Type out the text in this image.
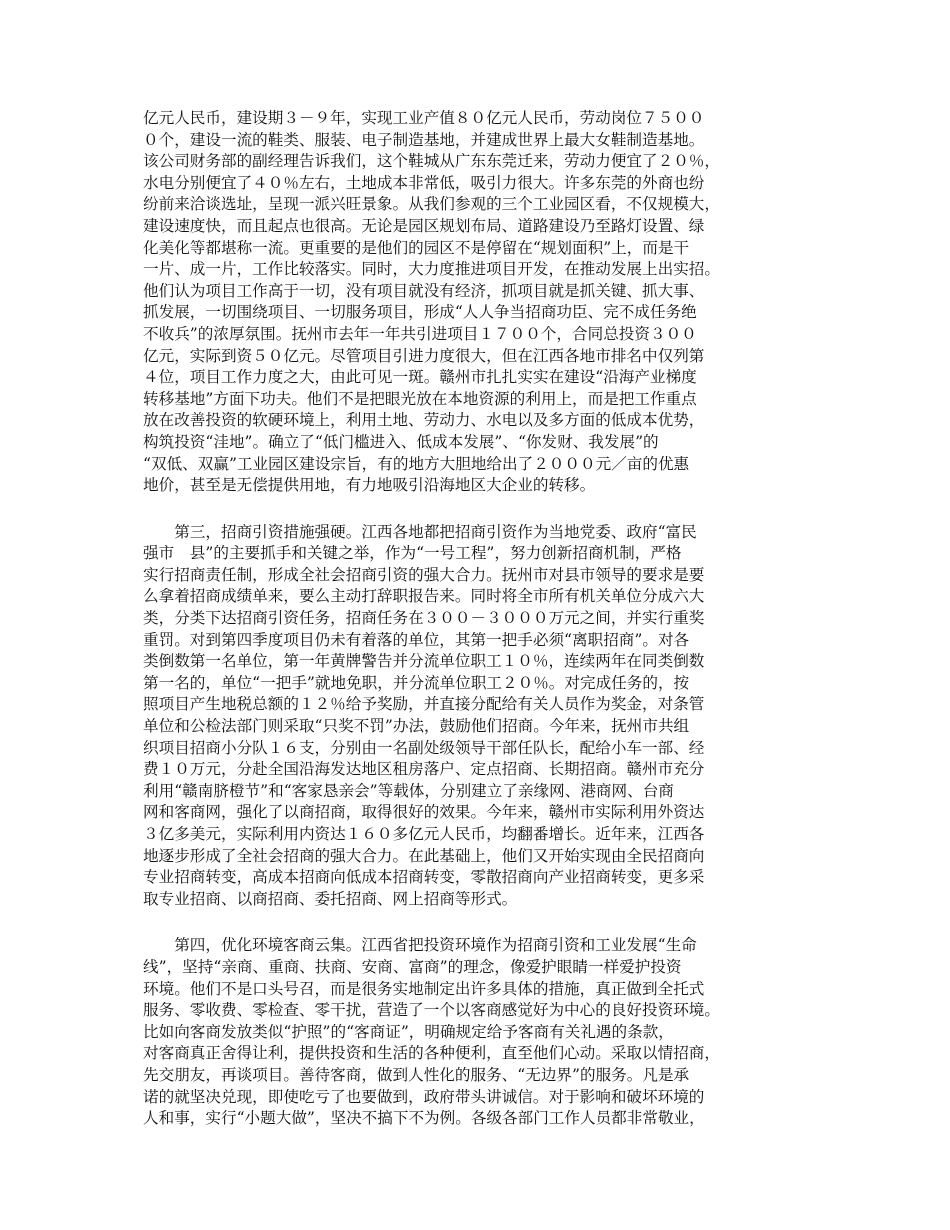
亿元人民币，建设期３－９年，实现工业产值８０亿元人民币，劳动岗位７５００
０个，建设一流的鞋类、服装、电子制造基地，并建成世界上最大女鞋制造基地。
该公司财务部的副经理告诉我们，这个鞋城从广东东莞迁来，劳动力便宜了２０％，
水电分别便宜了４０％左右，土地成本非常低，吸引力很大。许多东莞的外商也纷
纷前来洽谈选址，呈现一派兴旺景象。从我们参观的三个工业园区看，不仅规模大，
建设速度快，而且起点也很高。无论是园区规划布局、道路建设乃至路灯设置、绿
化美化等都堪称一流。更重要的是他们的园区不是停留在“规划面积”上，而是干
一片、成一片，工作比较落实。同时，大力度推进项目开发，在推动发展上出实招。
他们认为项目工作高于一切，没有项目就没有经济，抓项目就是抓关键、抓大事、
抓发展，一切围绕项目、一切服务项目，形成“人人争当招商功臣、完不成任务绝
不收兵”的浓厚氛围。抚州市去年一年共引进项目１７００个，合同总投资３００
亿元，实际到资５０亿元。尽管项目引进力度很大，但在江西各地市排名中仅列第
４位，项目工作力度之大，由此可见一斑。赣州市扎扎实实在建设“沿海产业梯度
转移基地”方面下功夫。他们不是把眼光放在本地资源的利用上，而是把工作重点
放在改善投资的软硬环境上，利用土地、劳动力、水电以及多方面的低成本优势，
构筑投资“洼地”。确立了“低门槛进入、低成本发展”、“你发财、我发展”的
“双低、双赢”工业园区建设宗旨，有的地方大胆地给出了２０００元／亩的优惠
地价，甚至是无偿提供用地，有力地吸引沿海地区大企业的转移。
　　第三，招商引资措施强硬。江西各地都把招商引资作为当地党委、政府“富民
强市　县”的主要抓手和关键之举，作为“一号工程”，努力创新招商机制，严格
实行招商责任制，形成全社会招商引资的强大合力。抚州市对县市领导的要求是要
么拿着招商成绩单来，要么主动打辞职报告来。同时将全市所有机关单位分成六大
类，分类下达招商引资任务，招商任务在３００－３０００万元之间，并实行重奖
重罚。对到第四季度项目仍未有着落的单位，其第一把手必须“离职招商”。对各
类倒数第一名单位，第一年黄牌警告并分流单位职工１０％，连续两年在同类倒数
第一名的，单位“一把手”就地免职，并分流单位职工２０％。对完成任务的，按
照项目产生地税总额的１２％给予奖励，并直接分配给有关人员作为奖金，对条管
单位和公检法部门则采取“只奖不罚”办法，鼓励他们招商。今年来，抚州市共组
织项目招商小分队１６支，分别由一名副处级领导干部任队长，配给小车一部、经
费１０万元，分赴全国沿海发达地区租房落户、定点招商、长期招商。赣州市充分
利用“赣南脐橙节”和“客家恳亲会”等载体，分别建立了亲缘网、港商网、台商
网和客商网，强化了以商招商，取得很好的效果。今年来，赣州市实际利用外资达
３亿多美元，实际利用内资达１６０多亿元人民币，均翻番增长。近年来，江西各
地逐步形成了全社会招商的强大合力。在此基础上，他们又开始实现由全民招商向
专业招商转变，高成本招商向低成本招商转变，零散招商向产业招商转变，更多采
取专业招商、以商招商、委托招商、网上招商等形式。
　　第四，优化环境客商云集。江西省把投资环境作为招商引资和工业发展“生命
线”，坚持“亲商、重商、扶商、安商、富商”的理念，像爱护眼睛一样爱护投资
环境。他们不是口头号召，而是很务实地制定出许多具体的措施，真正做到全托式
服务、零收费、零检查、零干扰，营造了一个以客商感觉好为中心的良好投资环境。
比如向客商发放类似“护照”的“客商证”，明确规定给予客商有关礼遇的条款，
对客商真正舍得让利，提供投资和生活的各种便利，直至他们心动。采取以情招商，
先交朋友，再谈项目。善待客商，做到人性化的服务、“无边界”的服务。凡是承
诺的就坚决兑现，即使吃亏了也要做到，政府带头讲诚信。对于影响和破坏环境的
人和事，实行“小题大做”，坚决不搞下不为例。各级各部门工作人员都非常敬业，
